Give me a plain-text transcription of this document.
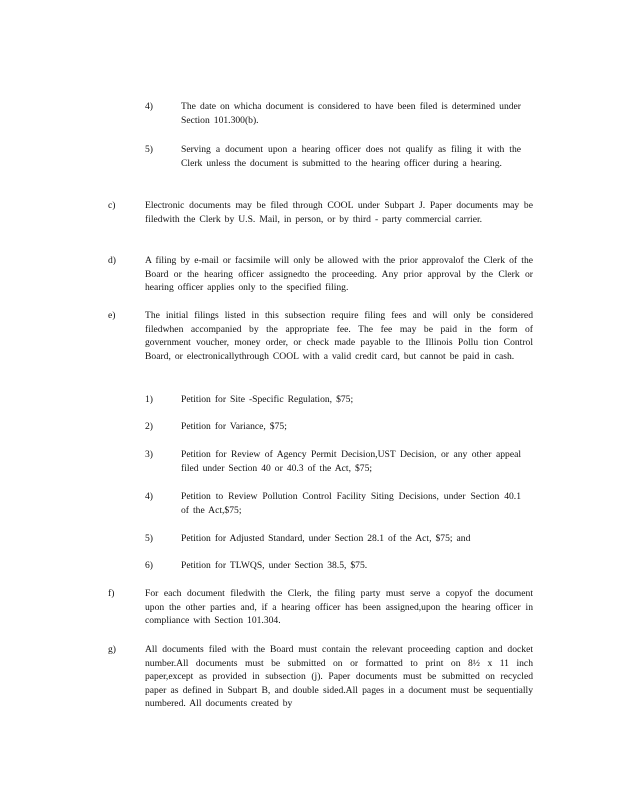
4)	The date on whicha document is considered to have been filed is determined under Section 101.300(b).
5)	Serving a document upon a hearing officer does not qualify as filing it with the Clerk unless the document is submitted to the hearing officer during a hearing.
c)	Electronic documents may be filed through COOL under Subpart J. Paper documents may be filedwith the Clerk by U.S. Mail, in person, or by third - party commercial carrier.
d)	A filing by e-mail or facsimile will only be allowed with the prior approvalof the Clerk of the Board or the hearing officer assignedto the proceeding. Any prior approval by the Clerk or hearing officer applies only to the specified filing.
e)	The initial filings listed in this subsection require filing fees and will only be considered filedwhen accompanied by the appropriate fee. The fee may be paid in the form of government voucher, money order, or check made payable to the Illinois Pollu tion Control Board, or electronicallythrough COOL with a valid credit card, but cannot be paid in cash.
1)	Petition for Site -Specific Regulation, $75;
2)	Petition for Variance, $75;
3)	Petition for Review of Agency Permit Decision,UST Decision, or any other appeal filed under Section 40 or 40.3 of the Act, $75;
4)	Petition to Review Pollution Control Facility Siting Decisions, under Section 40.1 of the Act,$75;
5)	Petition for Adjusted Standard, under Section 28.1 of the Act, $75; and
6)	Petition for TLWQS, under Section 38.5, $75.
f)	For each document filedwith the Clerk, the filing party must serve a copyof the document upon the other parties and, if a hearing officer has been assigned,upon the hearing officer in compliance with Section 101.304.
g)	All documents filed with the Board must contain the relevant proceeding caption and docket number.All documents must be submitted on or formatted to print on 8½ x 11 inch paper,except as provided in subsection (j). Paper documents must be submitted on recycled paper as defined in Subpart B, and double sided.All pages in a document must be sequentially numbered. All documents created by
